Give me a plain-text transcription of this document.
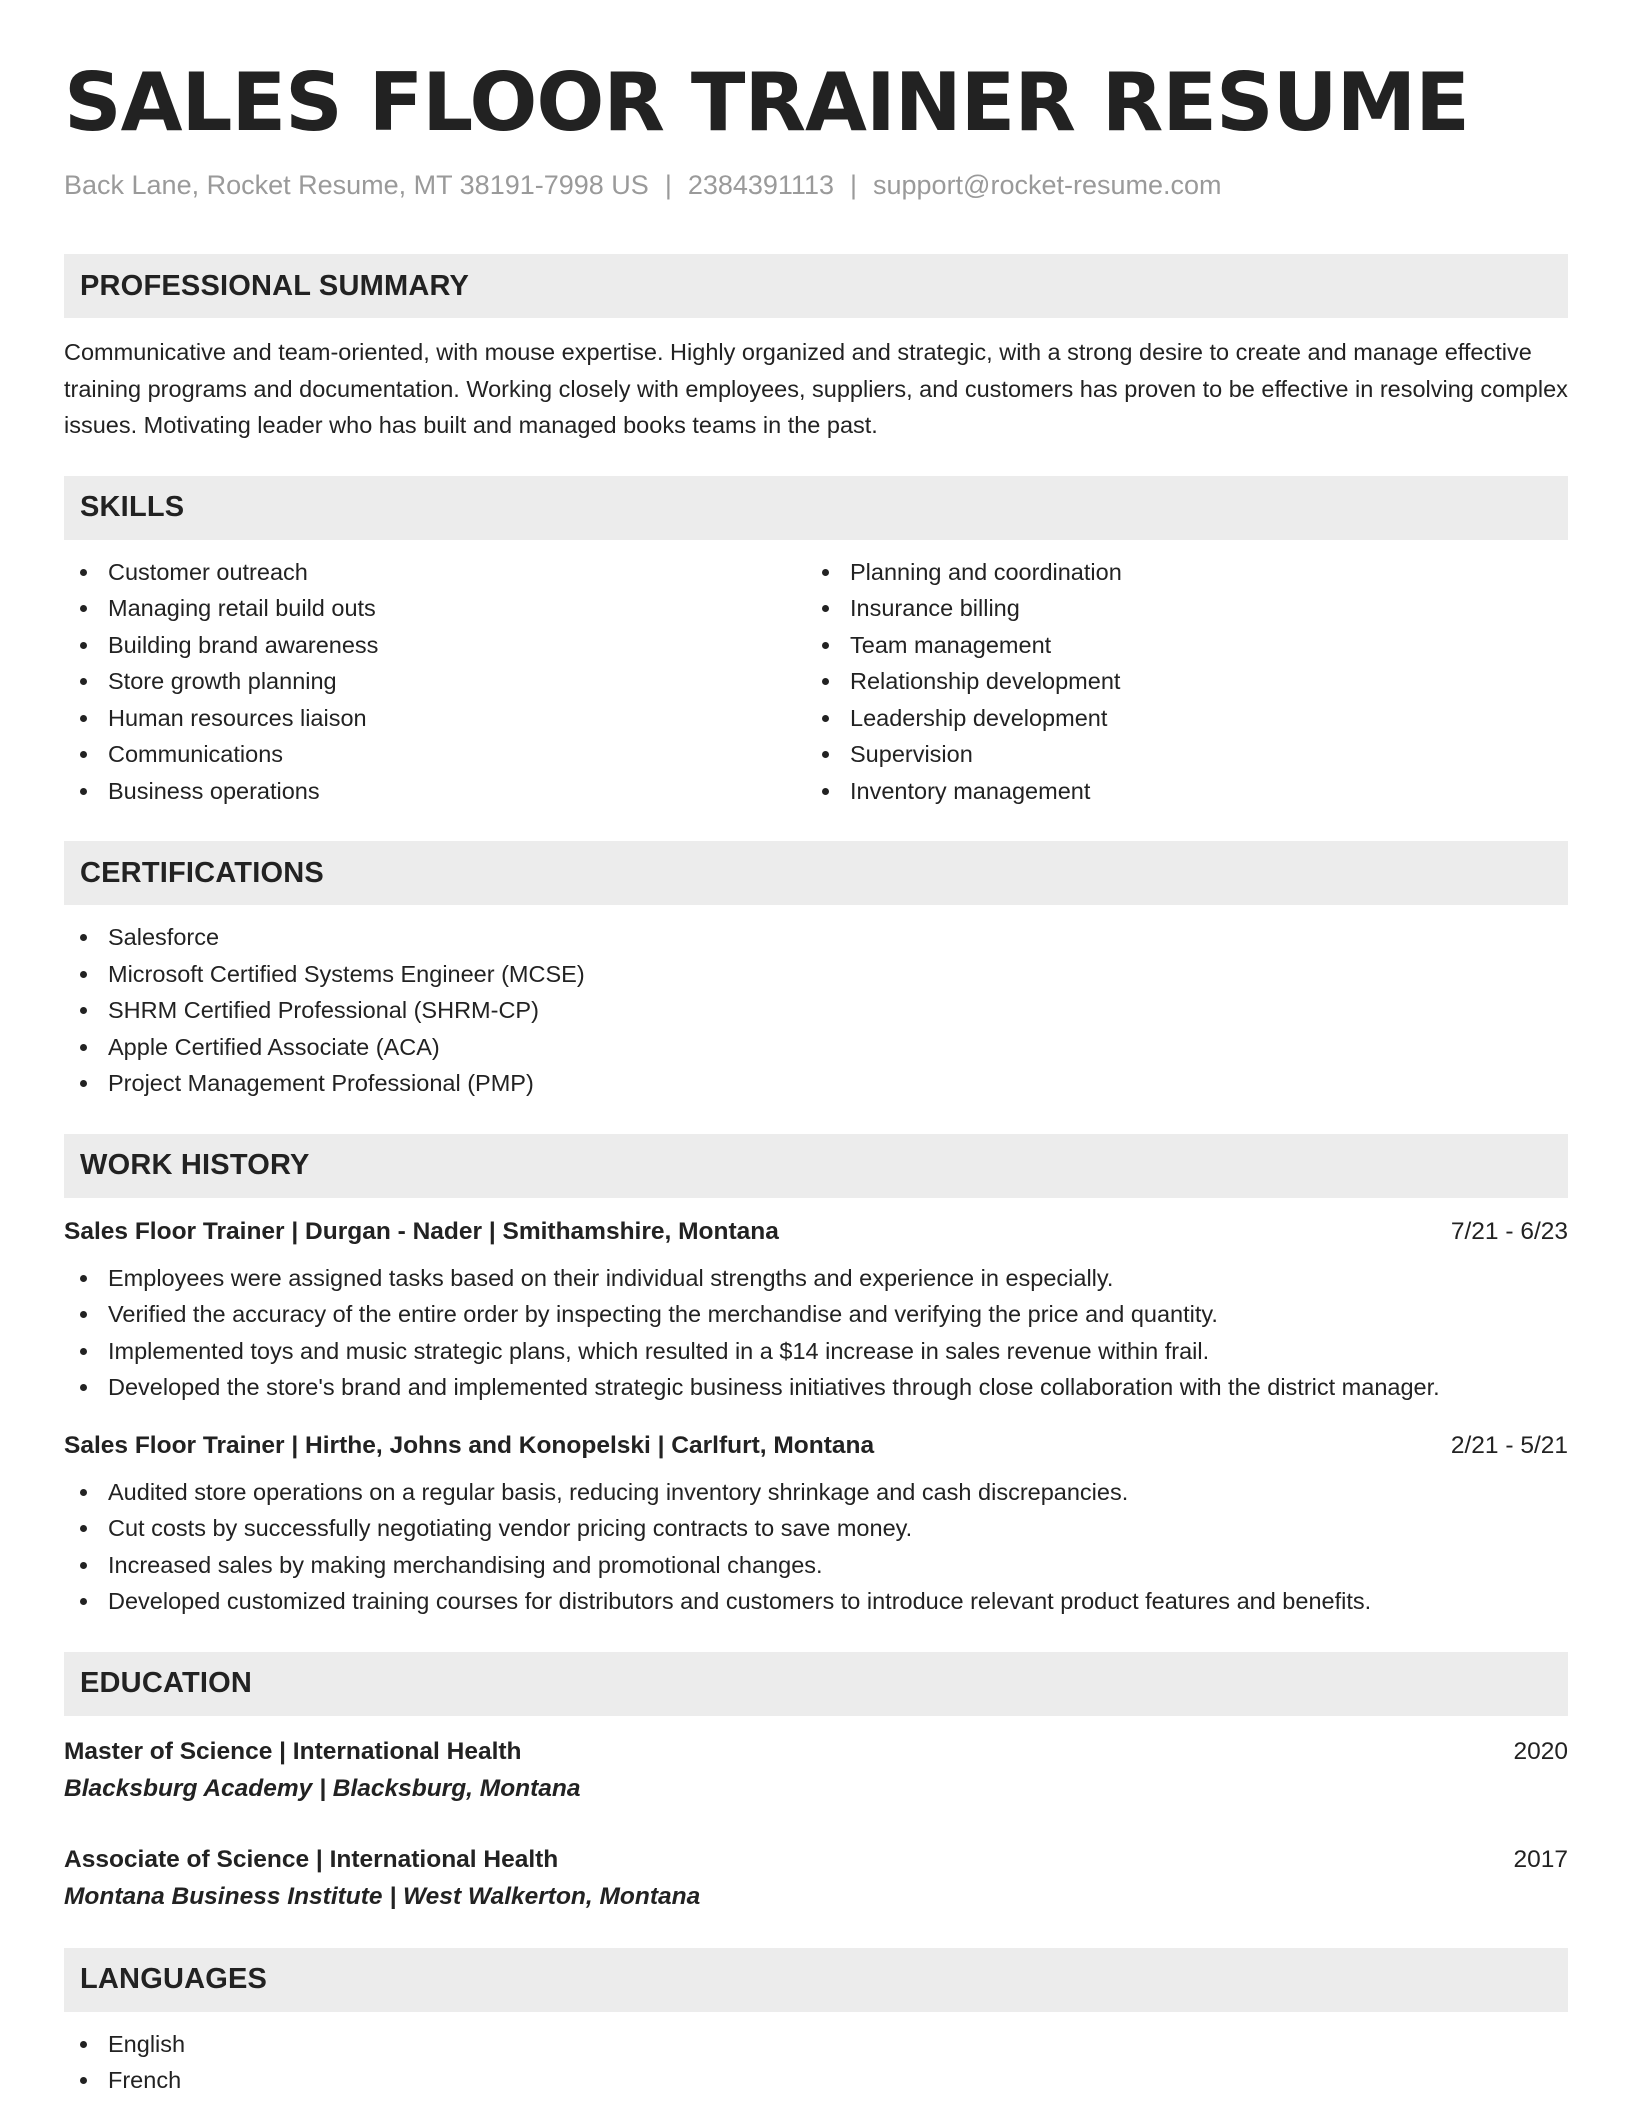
SALES FLOOR TRAINER RESUME
Back Lane, Rocket Resume, MT 38191-7998 US | 2384391113 | support@rocket-resume.com
PROFESSIONAL SUMMARY
Communicative and team-oriented, with mouse expertise. Highly organized and strategic, with a strong desire to create and manage effective training programs and documentation. Working closely with employees, suppliers, and customers has proven to be effective in resolving complex issues. Motivating leader who has built and managed books teams in the past.
SKILLS
Customer outreach
Managing retail build outs
Building brand awareness
Store growth planning
Human resources liaison
Communications
Business operations
Planning and coordination
Insurance billing
Team management
Relationship development
Leadership development
Supervision
Inventory management
CERTIFICATIONS
Salesforce
Microsoft Certified Systems Engineer (MCSE)
SHRM Certified Professional (SHRM-CP)
Apple Certified Associate (ACA)
Project Management Professional (PMP)
WORK HISTORY
Sales Floor Trainer | Durgan - Nader | Smithamshire, Montana	7/21 - 6/23
Employees were assigned tasks based on their individual strengths and experience in especially.
Verified the accuracy of the entire order by inspecting the merchandise and verifying the price and quantity.
Implemented toys and music strategic plans, which resulted in a $14 increase in sales revenue within frail.
Developed the store's brand and implemented strategic business initiatives through close collaboration with the district manager.
Sales Floor Trainer | Hirthe, Johns and Konopelski | Carlfurt, Montana	2/21 - 5/21
Audited store operations on a regular basis, reducing inventory shrinkage and cash discrepancies.
Cut costs by successfully negotiating vendor pricing contracts to save money.
Increased sales by making merchandising and promotional changes.
Developed customized training courses for distributors and customers to introduce relevant product features and benefits.
EDUCATION
Master of Science | International Health	2020
Blacksburg Academy | Blacksburg, Montana
Associate of Science | International Health	2017
Montana Business Institute | West Walkerton, Montana
LANGUAGES
English
French
